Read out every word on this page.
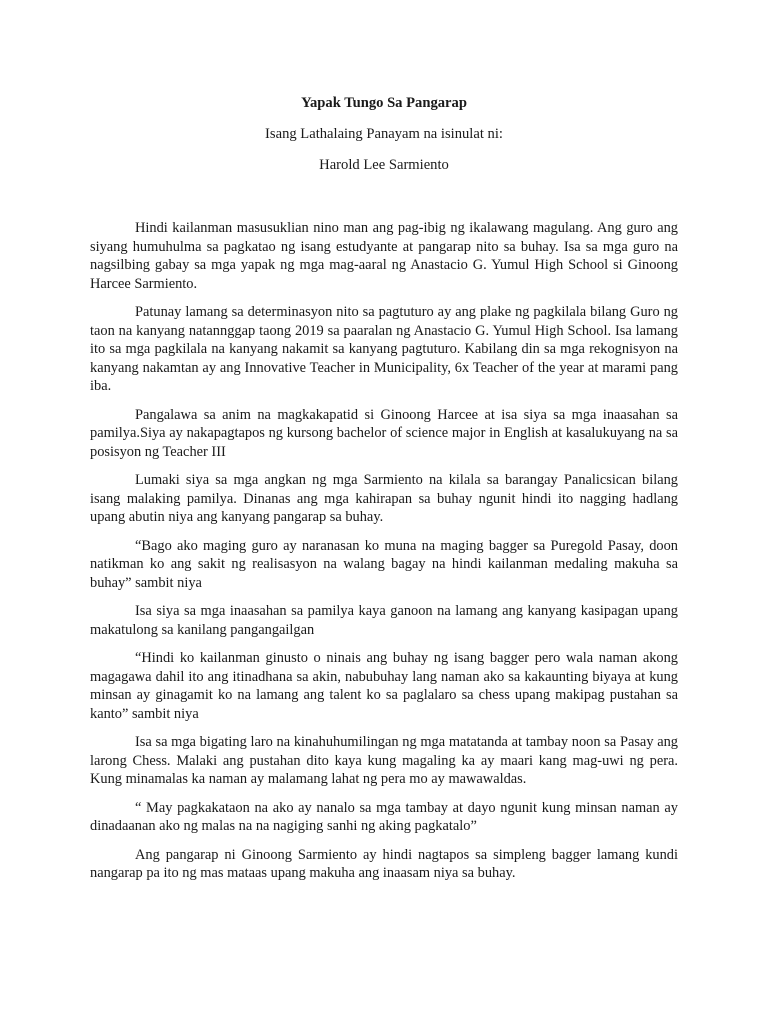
Yapak Tungo Sa Pangarap

Isang Lathalaing Panayam na isinulat ni:

Harold Lee Sarmiento

Hindi kailanman masusuklian nino man ang pag-ibig ng ikalawang magulang. Ang guro ang siyang humuhulma sa pagkatao ng isang estudyante at pangarap nito sa buhay. Isa sa mga guro na nagsilbing gabay sa mga yapak ng mga mag-aaral ng Anastacio G. Yumul High School si Ginoong Harcee Sarmiento.

Patunay lamang sa determinasyon nito sa pagtuturo ay ang plake ng pagkilala bilang Guro ng taon na kanyang natannggap taong 2019 sa paaralan ng Anastacio G. Yumul High School. Isa lamang ito sa mga pagkilala na kanyang nakamit sa kanyang pagtuturo. Kabilang din sa mga rekognisyon na kanyang nakamtan ay ang Innovative Teacher in Municipality, 6x Teacher of the year at marami pang iba.

Pangalawa sa anim na magkakapatid si Ginoong Harcee at isa siya sa mga inaasahan sa pamilya.Siya ay nakapagtapos ng kursong bachelor of science major in English at kasalukuyang na sa posisyon ng Teacher III

Lumaki siya sa mga angkan ng mga Sarmiento na kilala sa barangay Panalicsican bilang isang malaking pamilya. Dinanas ang mga kahirapan sa buhay ngunit hindi ito nagging hadlang upang abutin niya ang kanyang pangarap sa buhay.

“Bago ako maging guro ay naranasan ko muna na maging bagger sa Puregold Pasay, doon natikman ko ang sakit ng realisasyon na walang bagay na hindi kailanman medaling makuha sa buhay” sambit niya

Isa siya sa mga inaasahan sa pamilya kaya ganoon na lamang ang kanyang kasipagan upang makatulong sa kanilang pangangailgan

“Hindi ko kailanman ginusto o ninais ang buhay ng isang bagger pero wala naman akong magagawa dahil ito ang itinadhana sa akin, nabubuhay lang naman ako sa kakaunting biyaya at kung minsan ay ginagamit ko na lamang ang talent ko sa paglalaro sa chess upang makipag pustahan sa kanto” sambit niya

Isa sa mga bigating laro na kinahuhumilingan ng mga matatanda at tambay noon sa Pasay ang larong Chess. Malaki ang pustahan dito kaya kung magaling ka ay maari kang mag-uwi ng pera. Kung minamalas ka naman ay malamang lahat ng pera mo ay mawawaldas.

“ May pagkakataon na ako ay nanalo sa mga tambay at dayo ngunit kung minsan naman ay dinadaanan ako ng malas na na nagiging sanhi ng aking pagkatalo”

Ang pangarap ni Ginoong Sarmiento ay hindi nagtapos sa simpleng bagger lamang kundi nangarap pa ito ng mas mataas upang makuha ang inaasam niya sa buhay.
